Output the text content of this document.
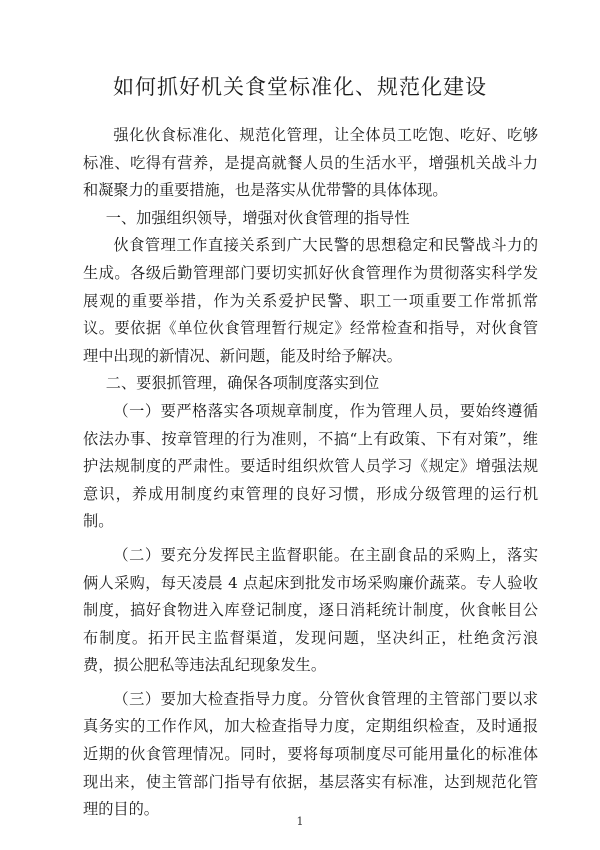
如何抓好机关食堂标准化、规范化建设

强化伙食标准化、规范化管理，让全体员工吃饱、吃好、吃够标准、吃得有营养，是提高就餐人员的生活水平，增强机关战斗力和凝聚力的重要措施，也是落实从优带警的具体体现。

一、加强组织领导，增强对伙食管理的指导性

伙食管理工作直接关系到广大民警的思想稳定和民警战斗力的生成。各级后勤管理部门要切实抓好伙食管理作为贯彻落实科学发展观的重要举措，作为关系爱护民警、职工一项重要工作常抓常议。要依据《单位伙食管理暂行规定》经常检查和指导，对伙食管理中出现的新情况、新问题，能及时给予解决。

二、要狠抓管理，确保各项制度落实到位

（一）要严格落实各项规章制度，作为管理人员，要始终遵循依法办事、按章管理的行为准则，不搞“上有政策、下有对策”，维护法规制度的严肃性。要适时组织炊管人员学习《规定》增强法规意识，养成用制度约束管理的良好习惯，形成分级管理的运行机制。

（二）要充分发挥民主监督职能。在主副食品的采购上，落实俩人采购，每天凌晨 4 点起床到批发市场采购廉价蔬菜。专人验收制度，搞好食物进入库登记制度，逐日消耗统计制度，伙食帐目公布制度。拓开民主监督渠道，发现问题，坚决纠正，杜绝贪污浪费，损公肥私等违法乱纪现象发生。

（三）要加大检查指导力度。分管伙食管理的主管部门要以求真务实的工作作风，加大检查指导力度，定期组织检查，及时通报近期的伙食管理情况。同时，要将每项制度尽可能用量化的标准体现出来，使主管部门指导有依据，基层落实有标准，达到规范化管理的目的。

1
